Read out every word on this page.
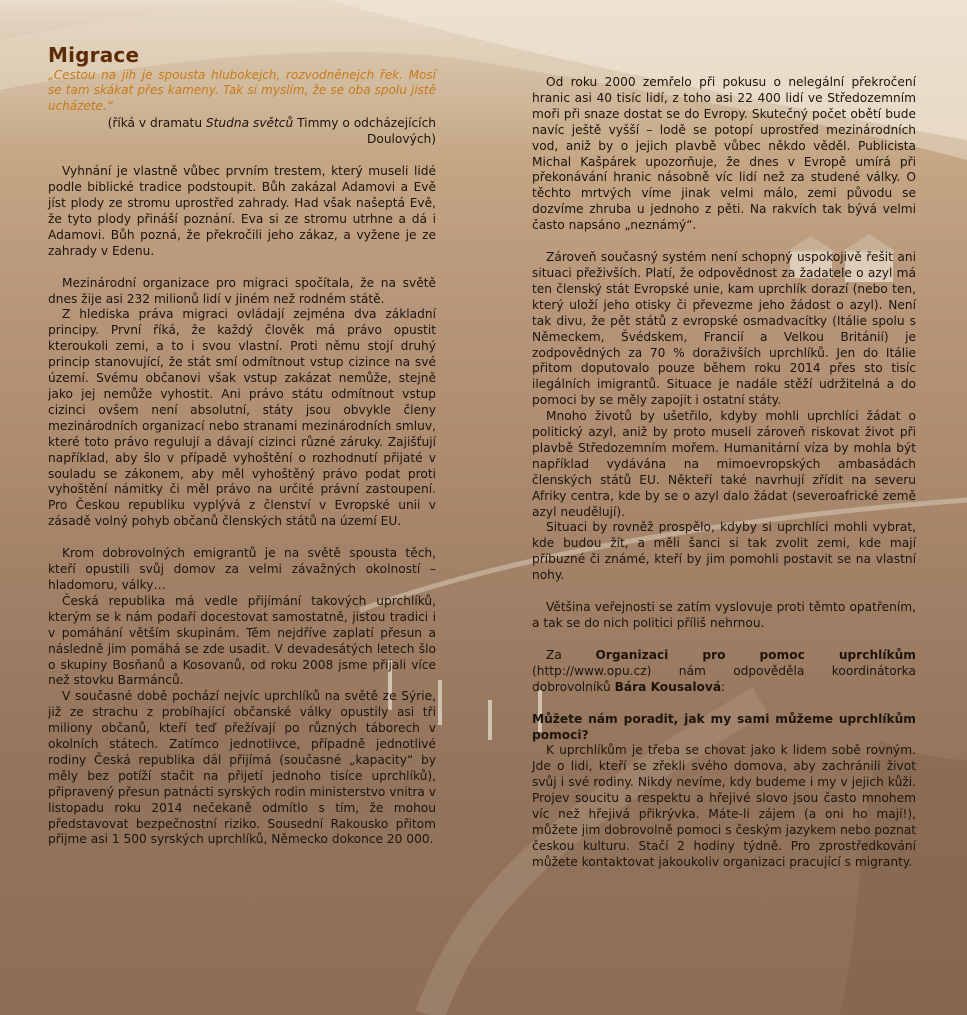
Migrace

„Cestou na jih je spousta hlubokejch, rozvodněnejch řek. Mosí se tam skákat přes kameny. Tak si myslím, že se oba spolu jistě ucházete.“

(říká v dramatu Studna světců Timmy o odcházejících Doulových)

Vyhnání je vlastně vůbec prvním trestem, který museli lidé podle biblické tradice podstoupit. Bůh zakázal Adamovi a Evě jíst plody ze stromu uprostřed zahrady. Had však našeptá Evě, že tyto plody přináší poznání. Eva si ze stromu utrhne a dá i Adamovi. Bůh pozná, že překročili jeho zákaz, a vyžene je ze zahrady v Edenu.

Mezinárodní organizace pro migraci spočítala, že na světě dnes žije asi 232 milionů lidí v jiném než rodném státě.

Z hlediska práva migraci ovládají zejména dva základní principy. První říká, že každý člověk má právo opustit kteroukoli zemi, a to i svou vlastní. Proti němu stojí druhý princip stanovující, že stát smí odmítnout vstup cizince na své území. Svému občanovi však vstup zakázat nemůže, stejně jako jej nemůže vyhostit. Ani právo státu odmítnout vstup cizinci ovšem není absolutní, státy jsou obvykle členy mezinárodních organizací nebo stranami mezinárodních smluv, které toto právo regulují a dávají cizinci různé záruky. Zajišťují například, aby šlo v případě vyhoštění o rozhodnutí přijaté v souladu se zákonem, aby měl vyhoštěný právo podat proti vyhoštění námitky či měl právo na určité právní zastoupení. Pro Českou republiku vyplývá z členství v Evropské unii v zásadě volný pohyb občanů členských států na území EU.

Krom dobrovolných emigrantů je na světě spousta těch, kteří opustili svůj domov za velmi závažných okolností – hladomoru, války…

Česká republika má vedle přijímání takových uprchlíků, kterým se k nám podaří docestovat samostatně, jistou tradici i v pomáhání větším skupinám. Těm nejdříve zaplatí přesun a následně jim pomáhá se zde usadit. V devadesátých letech šlo o skupiny Bosňanů a Kosovanů, od roku 2008 jsme přijali více než stovku Barmánců.

V současné době pochází nejvíc uprchlíků na světě ze Sýrie, již ze strachu z probíhající občanské války opustily asi tři miliony občanů, kteří teď přežívají po různých táborech v okolních státech. Zatímco jednotlivce, případně jednotlivé rodiny Česká republika dál přijímá (současné „kapacity“ by měly bez potíží stačit na přijetí jednoho tisíce uprchlíků), připravený přesun patnácti syrských rodin ministerstvo vnitra v listopadu roku 2014 nečekaně odmítlo s tím, že mohou představovat bezpečnostní riziko. Sousední Rakousko přitom přijme asi 1 500 syrských uprchlíků, Německo dokonce 20 000.

Od roku 2000 zemřelo při pokusu o nelegální překročení hranic asi 40 tisíc lidí, z toho asi 22 400 lidí ve Středozemním moři při snaze dostat se do Evropy. Skutečný počet obětí bude navíc ještě vyšší – lodě se potopí uprostřed mezinárodních vod, aniž by o jejich plavbě vůbec někdo věděl. Publicista Michal Kašpárek upozorňuje, že dnes v Evropě umírá při překonávání hranic násobně víc lidí než za studené války. O těchto mrtvých víme jinak velmi málo, zemi původu se dozvíme zhruba u jednoho z pěti. Na rakvích tak bývá velmi často napsáno „neznámý“.

Zároveň současný systém není schopný uspokojivě řešit ani situaci přeživších. Platí, že odpovědnost za žadatele o azyl má ten členský stát Evropské unie, kam uprchlík dorazí (nebo ten, který uloží jeho otisky či převezme jeho žádost o azyl). Není tak divu, že pět států z evropské osmadvacítky (Itálie spolu s Německem, Švédskem, Francií a Velkou Británií) je zodpovědných za 70 % doraživších uprchlíků. Jen do Itálie přitom doputovalo pouze během roku 2014 přes sto tisíc ilegálních imigrantů. Situace je nadále stěží udržitelná a do pomoci by se měly zapojit i ostatní státy.

Mnoho životů by ušetřilo, kdyby mohli uprchlíci žádat o politický azyl, aniž by proto museli zároveň riskovat život při plavbě Středozemním mořem. Humanitární víza by mohla být například vydávána na mimoevropských ambasádách členských států EU. Někteří také navrhují zřídit na severu Afriky centra, kde by se o azyl dalo žádat (severoafrické země azyl neudělují).

Situaci by rovněž prospělo, kdyby si uprchlíci mohli vybrat, kde budou žít, a měli šanci si tak zvolit zemi, kde mají příbuzné či známé, kteří by jim pomohli postavit se na vlastní nohy.

Většina veřejnosti se zatím vyslovuje proti těmto opatřením, a tak se do nich politici příliš nehrnou.

Za Organizaci pro pomoc uprchlíkům (http://www.opu.cz) nám odpověděla koordinátorka dobrovolníků Bára Kousalová:

Můžete nám poradit, jak my sami můžeme uprchlíkům pomoci?

K uprchlíkům je třeba se chovat jako k lidem sobě rovným. Jde o lidi, kteří se zřekli svého domova, aby zachránili život svůj i své rodiny. Nikdy nevíme, kdy budeme i my v jejich kůži. Projev soucitu a respektu a hřejivé slovo jsou často mnohem víc než hřejivá přikrývka. Máte-li zájem (a oni ho mají!), můžete jim dobrovolně pomoci s českým jazykem nebo poznat českou kulturu. Stačí 2 hodiny týdně. Pro zprostředkování můžete kontaktovat jakoukoliv organizaci pracující s migranty.
